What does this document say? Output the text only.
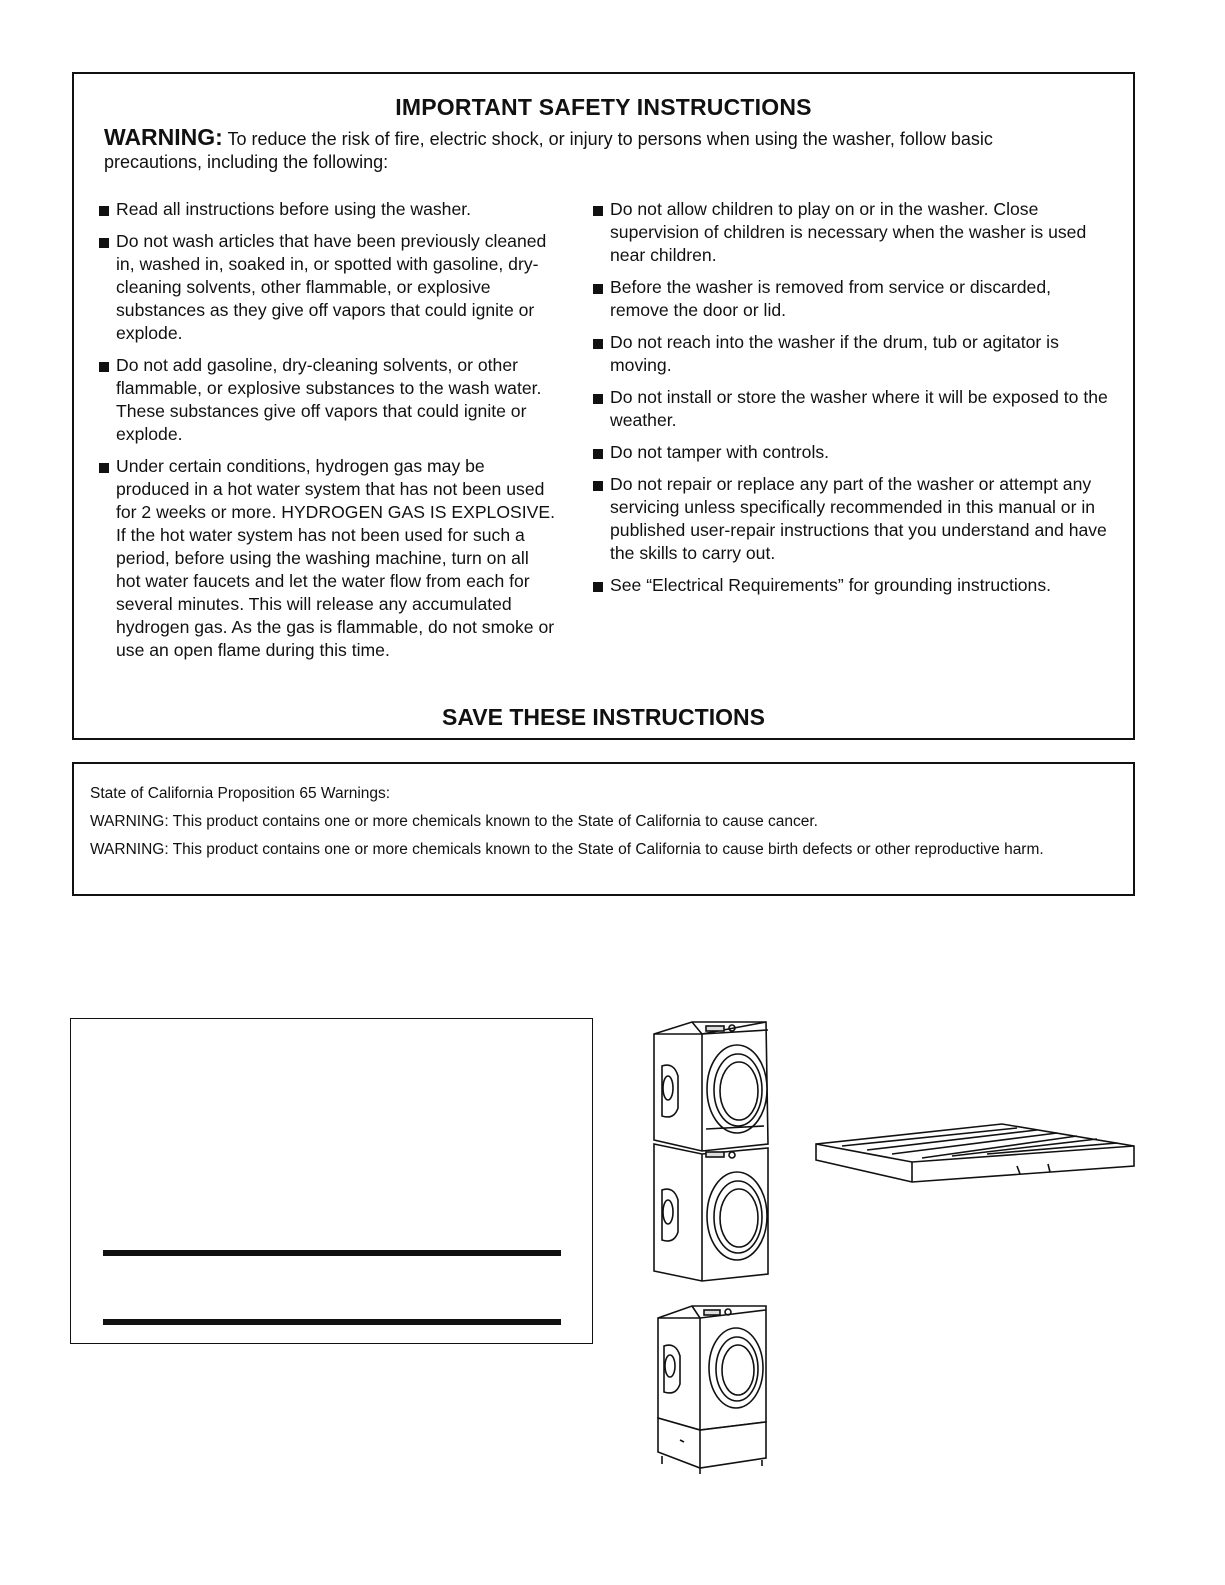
IMPORTANT SAFETY INSTRUCTIONS
WARNING: To reduce the risk of fire, electric shock, or injury to persons when using the washer, follow basic precautions, including the following:
Read all instructions before using the washer.
Do not wash articles that have been previously cleaned in, washed in, soaked in, or spotted with gasoline, dry-cleaning solvents, other flammable, or explosive substances as they give off vapors that could ignite or explode.
Do not add gasoline, dry-cleaning solvents, or other flammable, or explosive substances to the wash water. These substances give off vapors that could ignite or explode.
Under certain conditions, hydrogen gas may be produced in a hot water system that has not been used for 2 weeks or more. HYDROGEN GAS IS EXPLOSIVE. If the hot water system has not been used for such a period, before using the washing machine, turn on all hot water faucets and let the water flow from each for several minutes. This will release any accumulated hydrogen gas. As the gas is flammable, do not smoke or use an open flame during this time.
Do not allow children to play on or in the washer. Close supervision of children is necessary when the washer is used near children.
Before the washer is removed from service or discarded, remove the door or lid.
Do not reach into the washer if the drum, tub or agitator is moving.
Do not install or store the washer where it will be exposed to the weather.
Do not tamper with controls.
Do not repair or replace any part of the washer or attempt any servicing unless specifically recommended in this manual or in published user-repair instructions that you understand and have the skills to carry out.
See “Electrical Requirements” for grounding instructions.
SAVE THESE INSTRUCTIONS

State of California Proposition 65 Warnings:

WARNING: This product contains one or more chemicals known to the State of California to cause cancer.

WARNING: This product contains one or more chemicals known to the State of California to cause birth defects or other reproductive harm.
